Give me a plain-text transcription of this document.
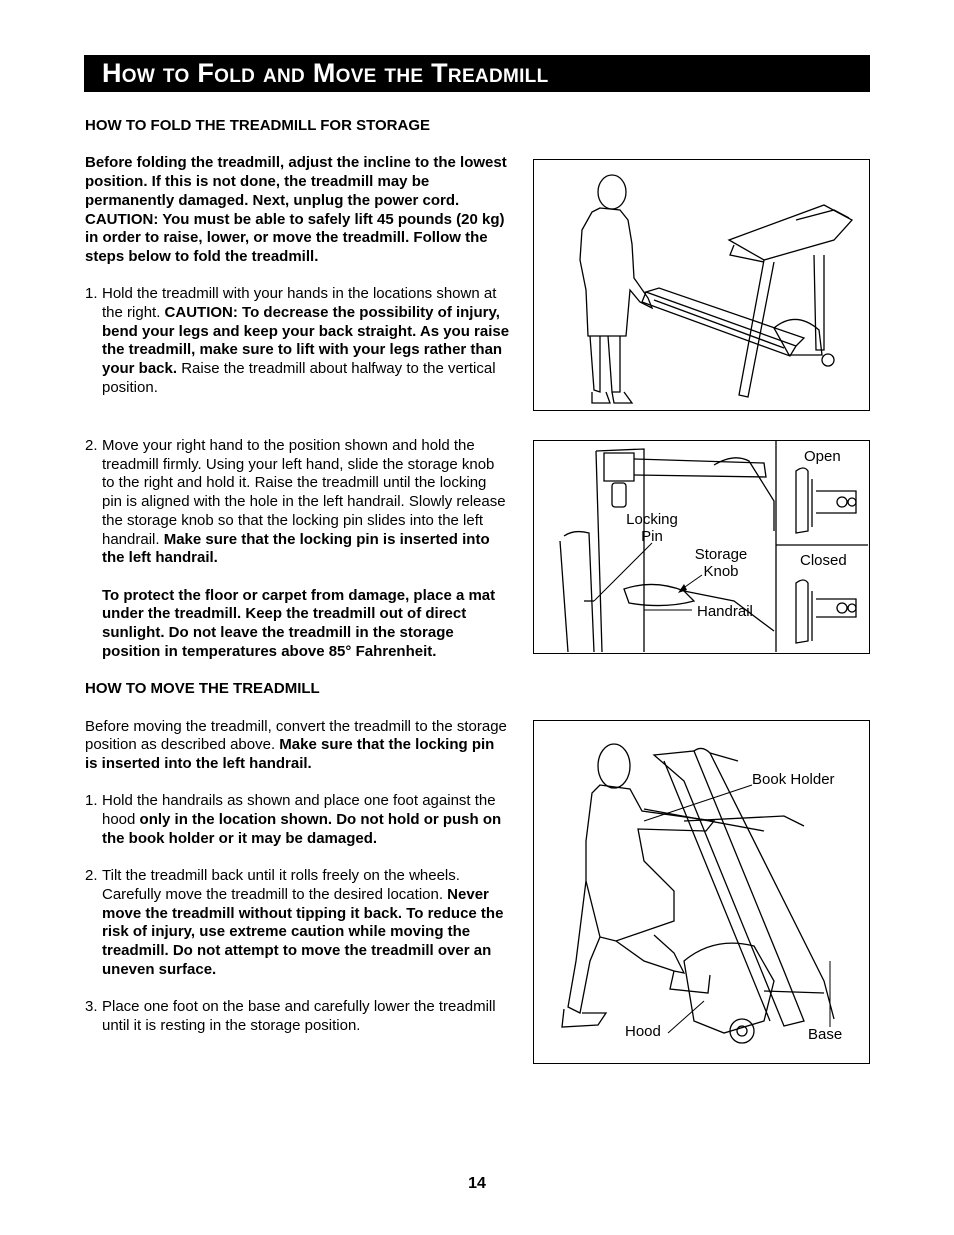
How to Fold and Move the Treadmill

HOW TO FOLD THE TREADMILL FOR STORAGE

Before folding the treadmill, adjust the incline to the lowest position. If this is not done, the treadmill may be permanently damaged. Next, unplug the power cord. CAUTION: You must be able to safely lift 45 pounds (20 kg) in order to raise, lower, or move the treadmill. Follow the steps below to fold the treadmill.

1. Hold the treadmill with your hands in the locations shown at the right. CAUTION: To decrease the possibility of injury, bend your legs and keep your back straight. As you raise the treadmill, make sure to lift with your legs rather than your back. Raise the treadmill about halfway to the vertical position.

2. Move your right hand to the position shown and hold the treadmill firmly. Using your left hand, slide the storage knob to the right and hold it. Raise the treadmill until the locking pin is aligned with the hole in the left handrail. Slowly release the storage knob so that the locking pin slides into the left handrail. Make sure that the locking pin is inserted into the left handrail.

To protect the floor or carpet from damage, place a mat under the treadmill. Keep the treadmill out of direct sunlight. Do not leave the treadmill in the storage position in temperatures above 85° Fahrenheit.

HOW TO MOVE THE TREADMILL

Before moving the treadmill, convert the treadmill to the storage position as described above. Make sure that the locking pin is inserted into the left handrail.

1. Hold the handrails as shown and place one foot against the hood only in the location shown. Do not hold or push on the book holder or it may be damaged.

2. Tilt the treadmill back until it rolls freely on the wheels. Carefully move the treadmill to the desired location. Never move the treadmill without tipping it back. To reduce the risk of injury, use extreme caution while moving the treadmill. Do not attempt to move the treadmill over an uneven surface.

3. Place one foot on the base and carefully lower the treadmill until it is resting in the storage position.

Locking
Pin
Storage
Knob
Handrail
Open
Closed
Book Holder
Hood	Base
14
